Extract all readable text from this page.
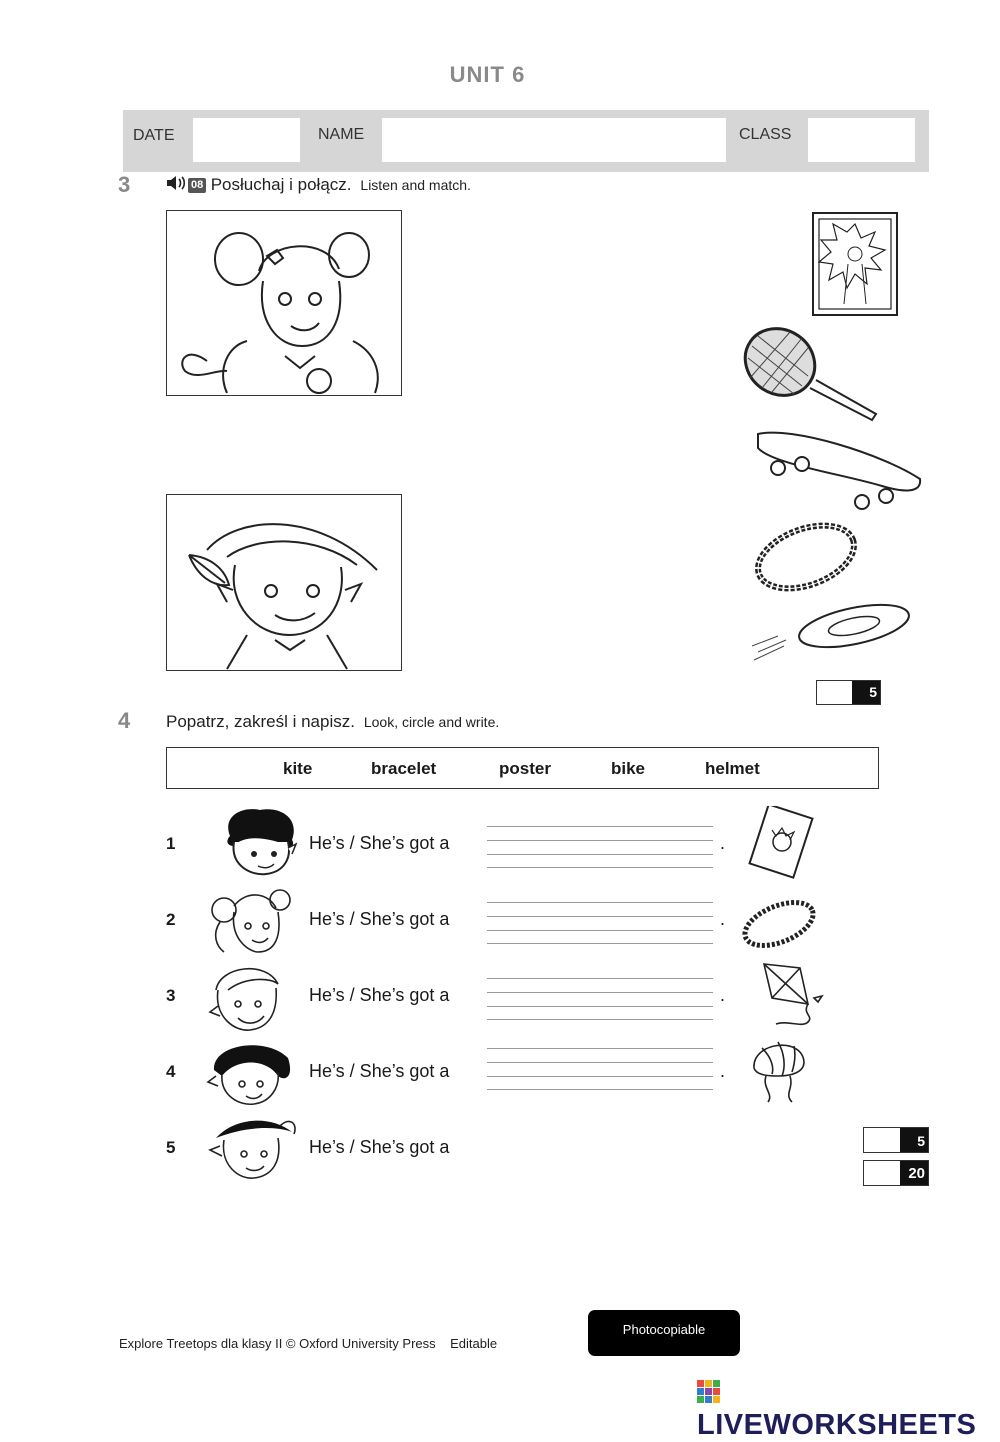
UNIT 6
DATE	NAME	CLASS
3	08 Posłuchaj i połącz. Listen and match.
5
4 Popatrz, zakreśl i napisz. Look, circle and write.
kite	bracelet	poster	bike	helmet
1	He’s / She’s got a	.
2	He’s / She’s got a	.
3	He’s / She’s got a	.
4	He’s / She’s got a	.
5	He’s / She’s got a	5
20
Explore Treetops dla klasy II © Oxford University Press Editable
Photocopiable
LIVEWORKSHEETS
